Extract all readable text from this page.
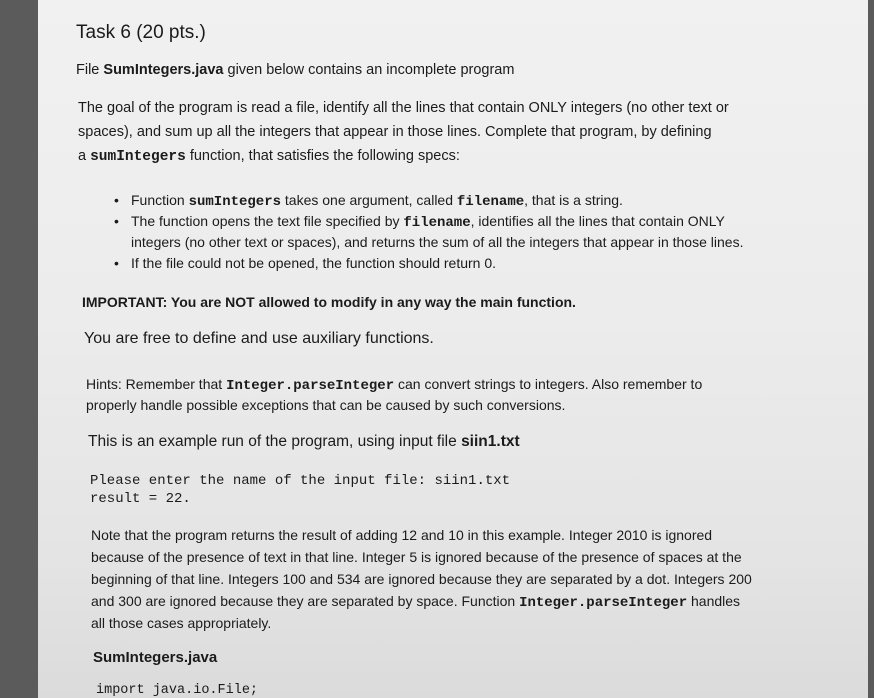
Task 6 (20 pts.)
File SumIntegers.java given below contains an incomplete program
The goal of the program is read a file, identify all the lines that contain ONLY integers (no other text or
spaces), and sum up all the integers that appear in those lines. Complete that program, by defining
a sumIntegers function, that satisfies the following specs:
• Function sumIntegers takes one argument, called filename, that is a string.
• The function opens the text file specified by filename, identifies all the lines that contain ONLY
integers (no other text or spaces), and returns the sum of all the integers that appear in those lines.
• If the file could not be opened, the function should return 0.
IMPORTANT: You are NOT allowed to modify in any way the main function.
You are free to define and use auxiliary functions.
Hints: Remember that Integer.parseInteger can convert strings to integers. Also remember to
properly handle possible exceptions that can be caused by such conversions.
This is an example run of the program, using input file siin1.txt
Please enter the name of the input file: siin1.txt
result = 22.
Note that the program returns the result of adding 12 and 10 in this example. Integer 2010 is ignored
because of the presence of text in that line. Integer 5 is ignored because of the presence of spaces at the
beginning of that line. Integers 100 and 534 are ignored because they are separated by a dot. Integers 200
and 300 are ignored because they are separated by space. Function Integer.parseInteger handles
all those cases appropriately.
SumIntegers.java
import java.io.File;
